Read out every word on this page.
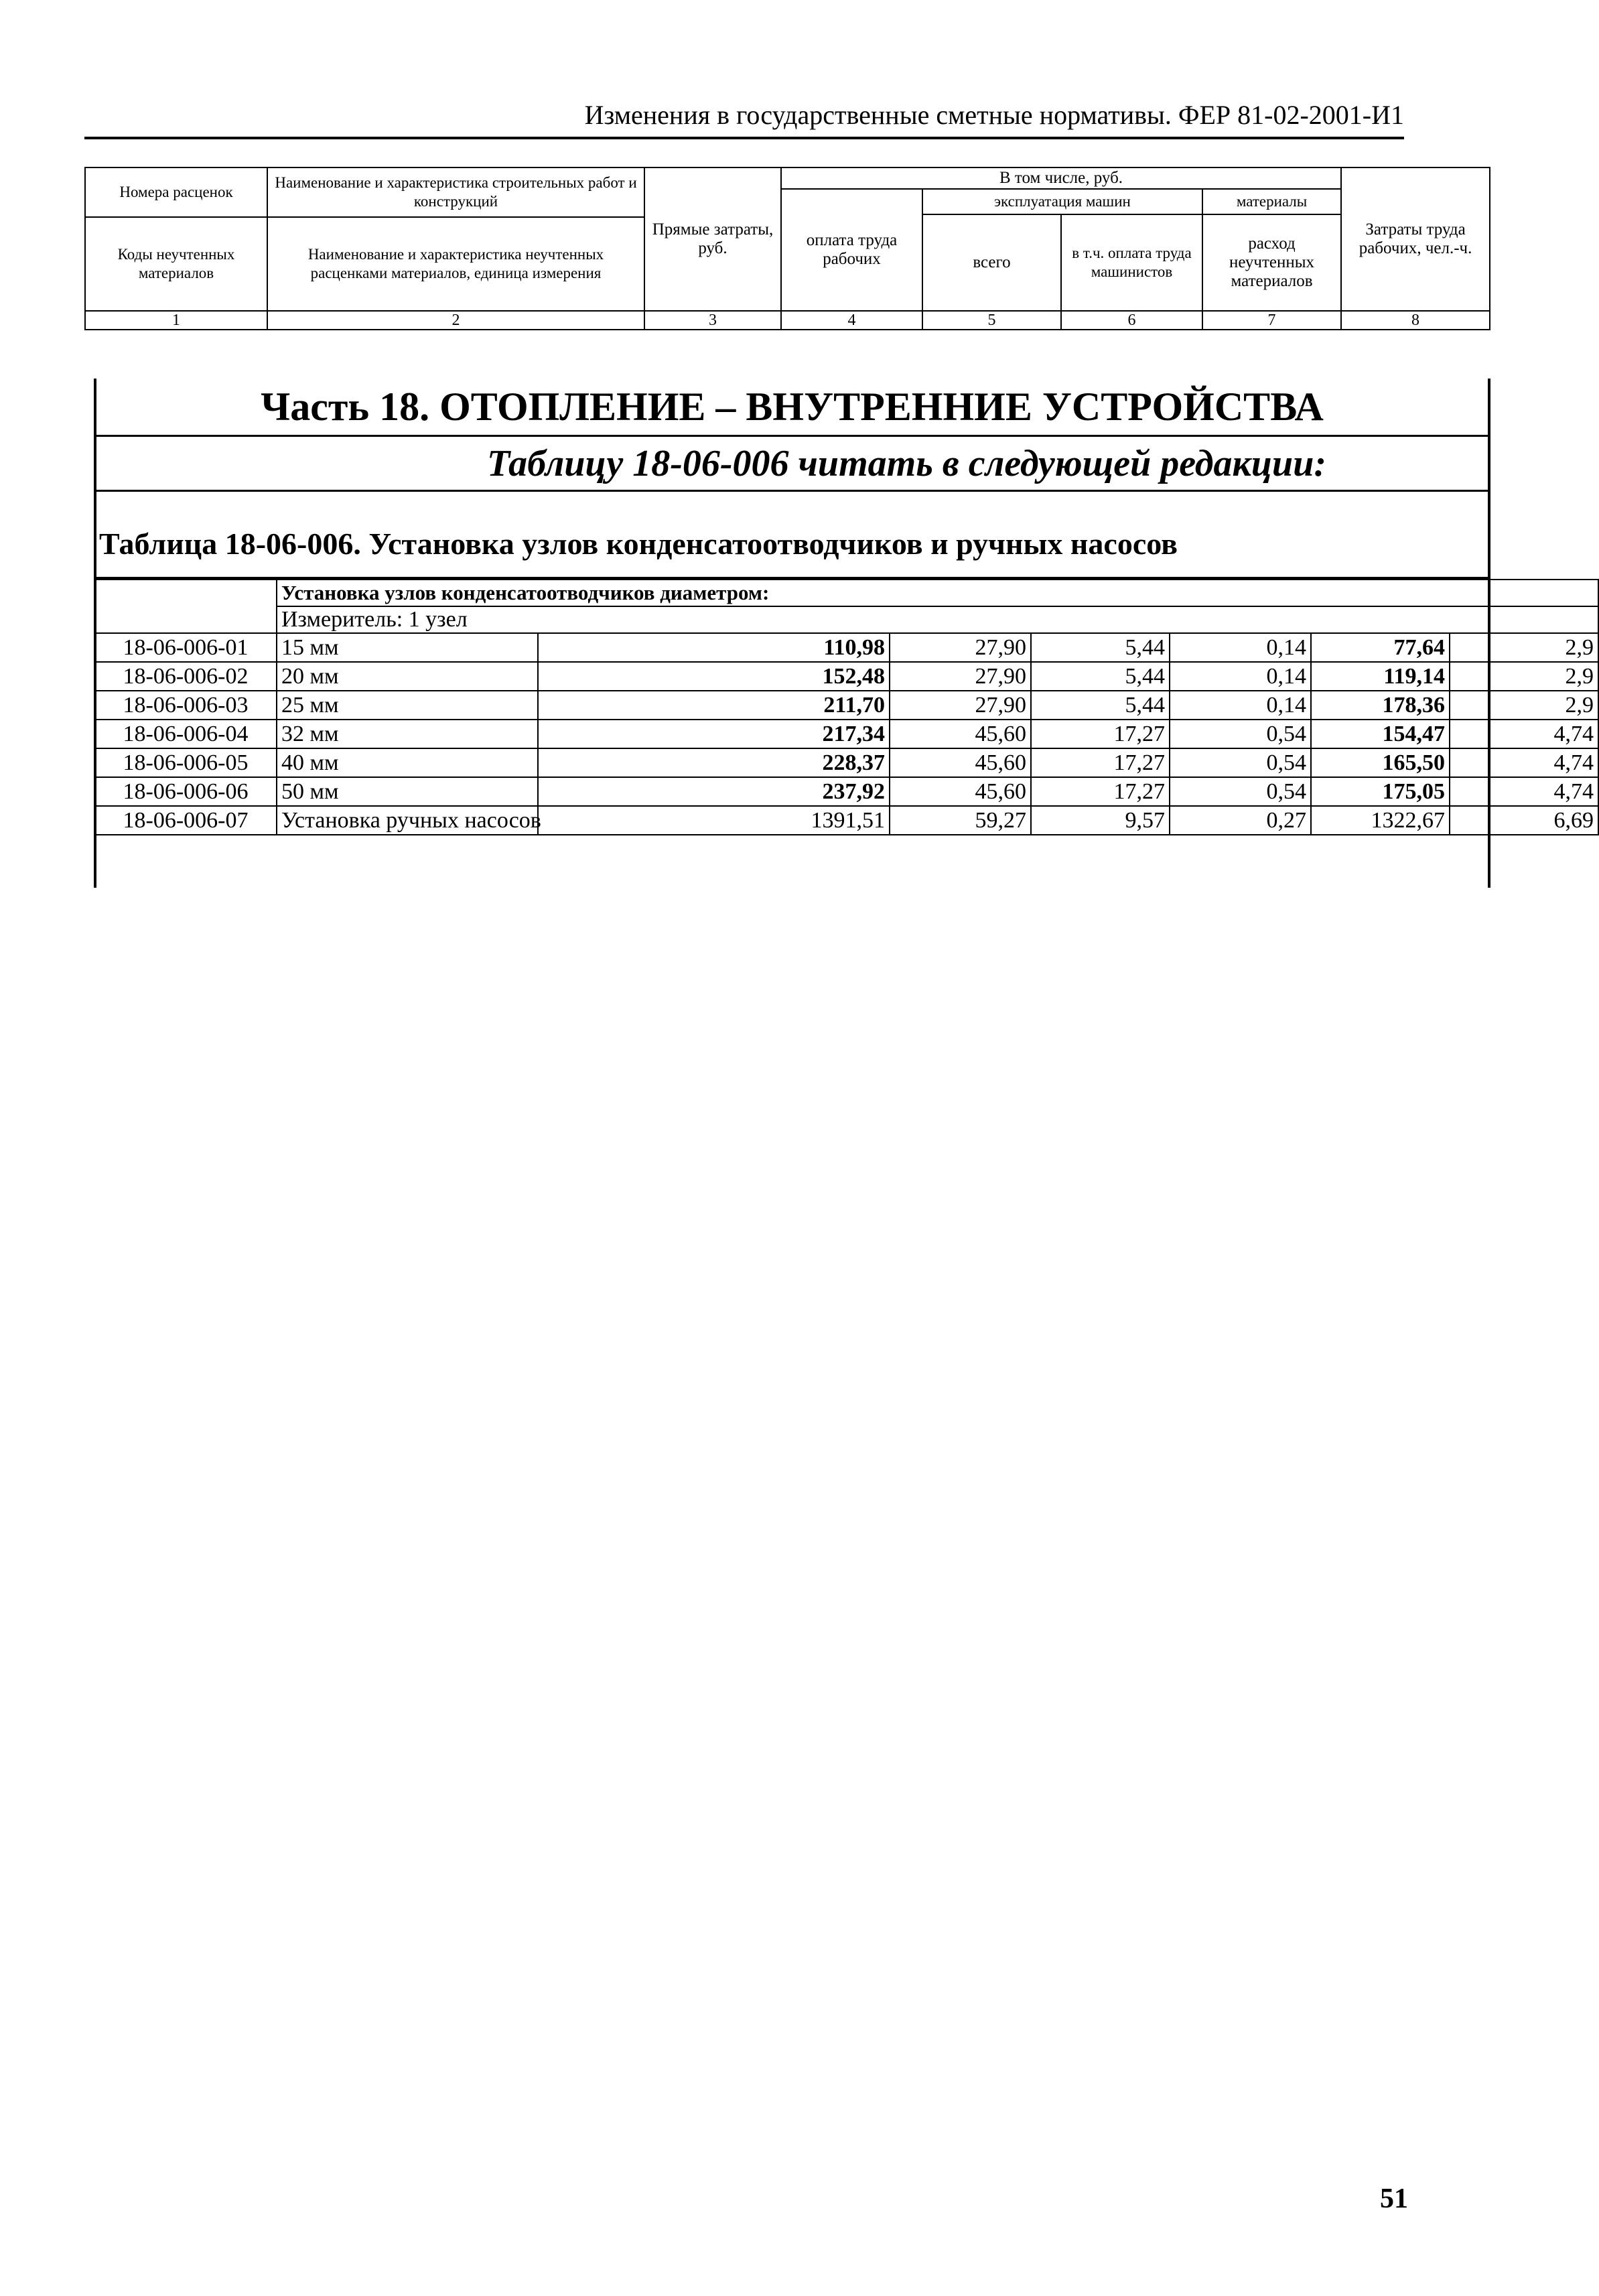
Изменения в государственные сметные нормативы. ФЕР 81-02-2001-И1
Номера расценок	Наименование и характеристика строительных работ и конструкций	Прямые затраты, руб.	В том числе, руб.				Затраты труда рабочих, чел.-ч.
			оплата труда рабочих	эксплуатация машин		материалы	
				всего	в т.ч. оплата труда машинистов	расход неучтенных материалов	
Коды неучтенных материалов	Наименование и характеристика неучтенных расценками материалов, единица измерения						

1	2	3	4	5	6	7	8
Часть 18. ОТОПЛЕНИЕ – ВНУТРЕННИЕ УСТРОЙСТВА
Таблицу 18-06-006 читать в следующей редакции:
Таблица 18-06-006. Установка узлов конденсатоотводчиков и ручных насосов
	Установка узлов конденсатоотводчиков диаметром:						
	Измеритель: 1 узел						
18-06-006-01	15 мм	110,98	27,90	5,44	0,14	77,64	2,9
18-06-006-02	20 мм	152,48	27,90	5,44	0,14	119,14	2,9
18-06-006-03	25 мм	211,70	27,90	5,44	0,14	178,36	2,9
18-06-006-04	32 мм	217,34	45,60	17,27	0,54	154,47	4,74
18-06-006-05	40 мм	228,37	45,60	17,27	0,54	165,50	4,74
18-06-006-06	50 мм	237,92	45,60	17,27	0,54	175,05	4,74
18-06-006-07	Установка ручных насосов	1391,51	59,27	9,57	0,27	1322,67	6,69
51
